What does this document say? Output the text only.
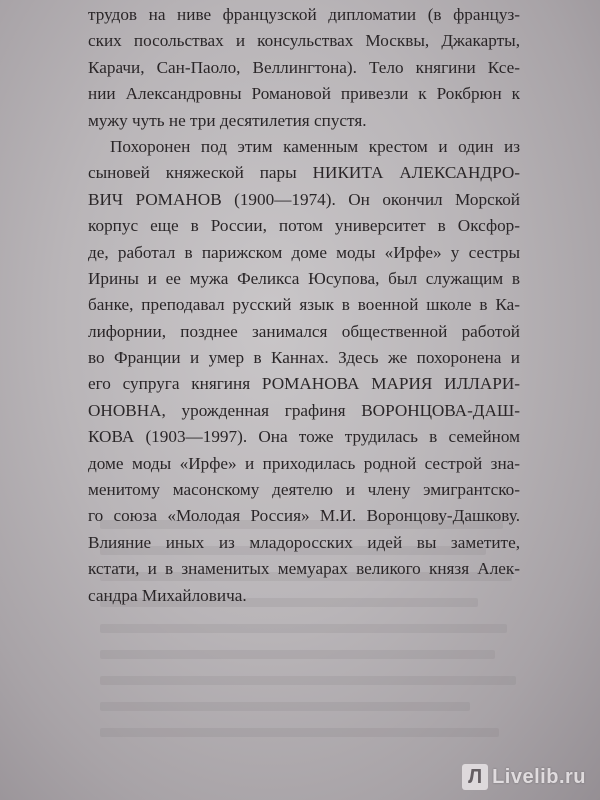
трудов на ниве французской дипломатии (в француз-
ских посольствах и консульствах Москвы, Джакарты,
Карачи, Сан-Паоло, Веллингтона). Тело княгини Ксе-
нии Александровны Романовой привезли к Рокбрюн к
мужу чуть не три десятилетия спустя.
Похоронен под этим каменным крестом и один из
сыновей княжеской пары НИКИТА АЛЕКСАНДРО-
ВИЧ РОМАНОВ (1900—1974). Он окончил Морской
корпус еще в России, потом университет в Оксфор-
де, работал в парижском доме моды «Ирфе» у сестры
Ирины и ее мужа Феликса Юсупова, был служащим в
банке, преподавал русский язык в военной школе в Ка-
лифорнии, позднее занимался общественной работой
во Франции и умер в Каннах. Здесь же похоронена и
его супруга княгиня РОМАНОВА МАРИЯ ИЛЛАРИ-
ОНОВНА, урожденная графиня ВОРОНЦОВА-ДАШ-
КОВА (1903—1997). Она тоже трудилась в семейном
доме моды «Ирфе» и приходилась родной сестрой зна-
менитому масонскому деятелю и члену эмигрантско-
го союза «Молодая Россия» М.И. Воронцову-Дашкову.
Влияние иных из младоросских идей вы заметите,
кстати, и в знаменитых мемуарах великого князя Алек-
сандра Михайловича.
Л Livelib.ru
